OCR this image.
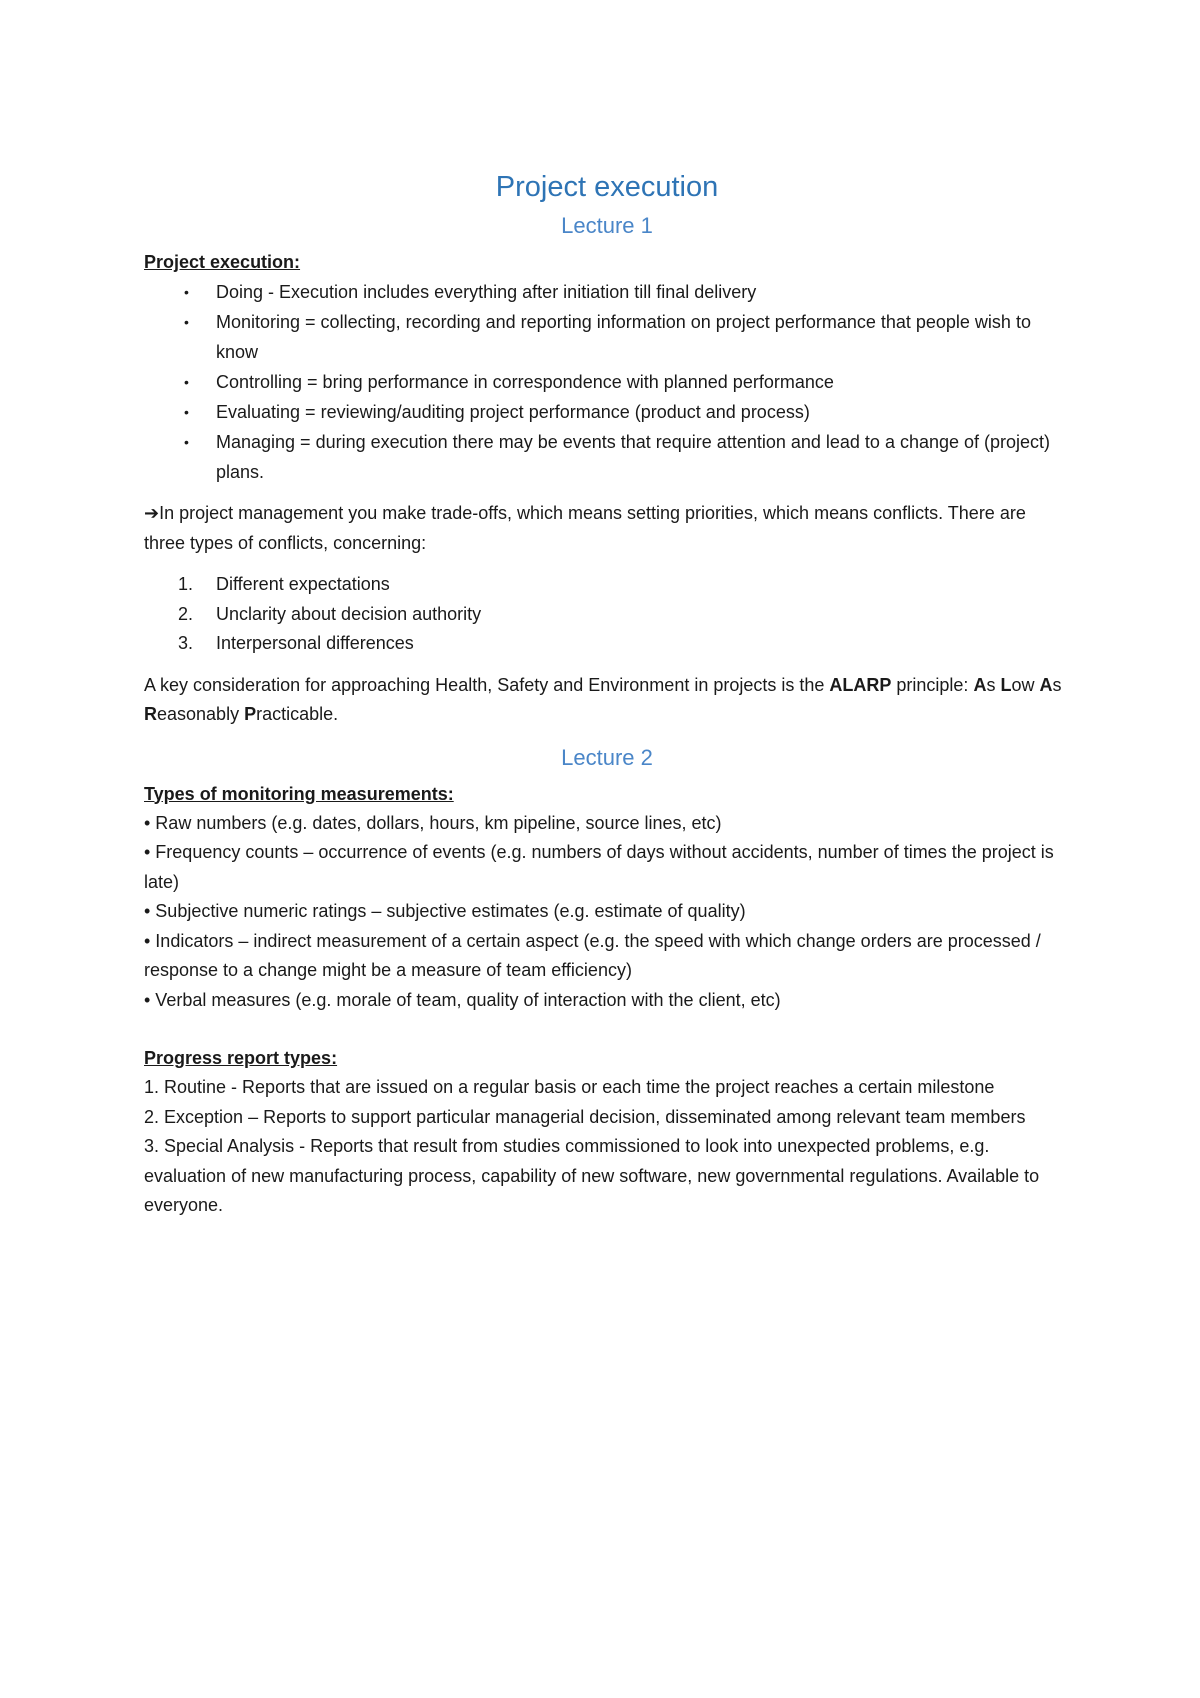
Project execution
Lecture 1

Project execution:

• Doing - Execution includes everything after initiation till final delivery
• Monitoring = collecting, recording and reporting information on project performance that people wish to know
• Controlling = bring performance in correspondence with planned performance
• Evaluating = reviewing/auditing project performance (product and process)
• Managing = during execution there may be events that require attention and lead to a change of (project) plans.

➔In project management you make trade-offs, which means setting priorities, which means conflicts. There are three types of conflicts, concerning:

1. Different expectations
2. Unclarity about decision authority
3. Interpersonal differences

A key consideration for approaching Health, Safety and Environment in projects is the ALARP principle: As Low As Reasonably Practicable.

Lecture 2

Types of monitoring measurements:

• Raw numbers (e.g. dates, dollars, hours, km pipeline, source lines, etc)

• Frequency counts – occurrence of events (e.g. numbers of days without accidents, number of times the project is late)

• Subjective numeric ratings – subjective estimates (e.g. estimate of quality)

• Indicators – indirect measurement of a certain aspect (e.g. the speed with which change orders are processed / response to a change might be a measure of team efficiency)

• Verbal measures (e.g. morale of team, quality of interaction with the client, etc)

Progress report types:

1. Routine - Reports that are issued on a regular basis or each time the project reaches a certain milestone

2. Exception – Reports to support particular managerial decision, disseminated among relevant team members

3. Special Analysis - Reports that result from studies commissioned to look into unexpected problems, e.g. evaluation of new manufacturing process, capability of new software, new governmental regulations. Available to everyone.
